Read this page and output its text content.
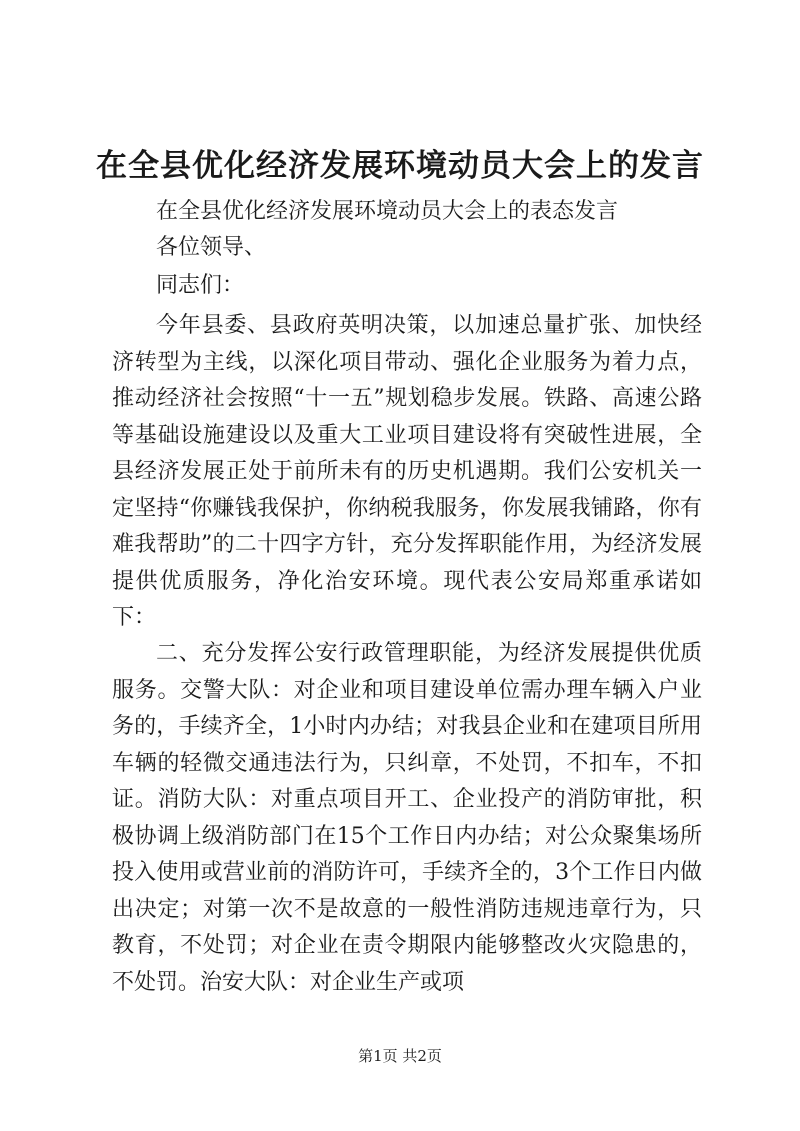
在全县优化经济发展环境动员大会上的发言
在全县优化经济发展环境动员大会上的表态发言
各位领导、
同志们：

今年县委、县政府英明决策，以加速总量扩张、加快经济转型为主线，以深化项目带动、强化企业服务为着力点，推动经济社会按照“十一五”规划稳步发展。铁路、高速公路等基础设施建设以及重大工业项目建设将有突破性进展，全县经济发展正处于前所未有的历史机遇期。我们公安机关一定坚持“你赚钱我保护，你纳税我服务，你发展我铺路，你有难我帮助”的二十四字方针，充分发挥职能作用，为经济发展提供优质服务，净化治安环境。现代表公安局郑重承诺如下：

二、充分发挥公安行政管理职能，为经济发展提供优质服务。交警大队：对企业和项目建设单位需办理车辆入户业务的，手续齐全，1小时内办结；对我县企业和在建项目所用车辆的轻微交通违法行为，只纠章，不处罚，不扣车，不扣证。消防大队：对重点项目开工、企业投产的消防审批，积极协调上级消防部门在15个工作日内办结；对公众聚集场所投入使用或营业前的消防许可，手续齐全的，3个工作日内做出决定；对第一次不是故意的一般性消防违规违章行为，只教育，不处罚；对企业在责令期限内能够整改火灾隐患的，不处罚。治安大队：对企业生产或项

第1页 共2页
